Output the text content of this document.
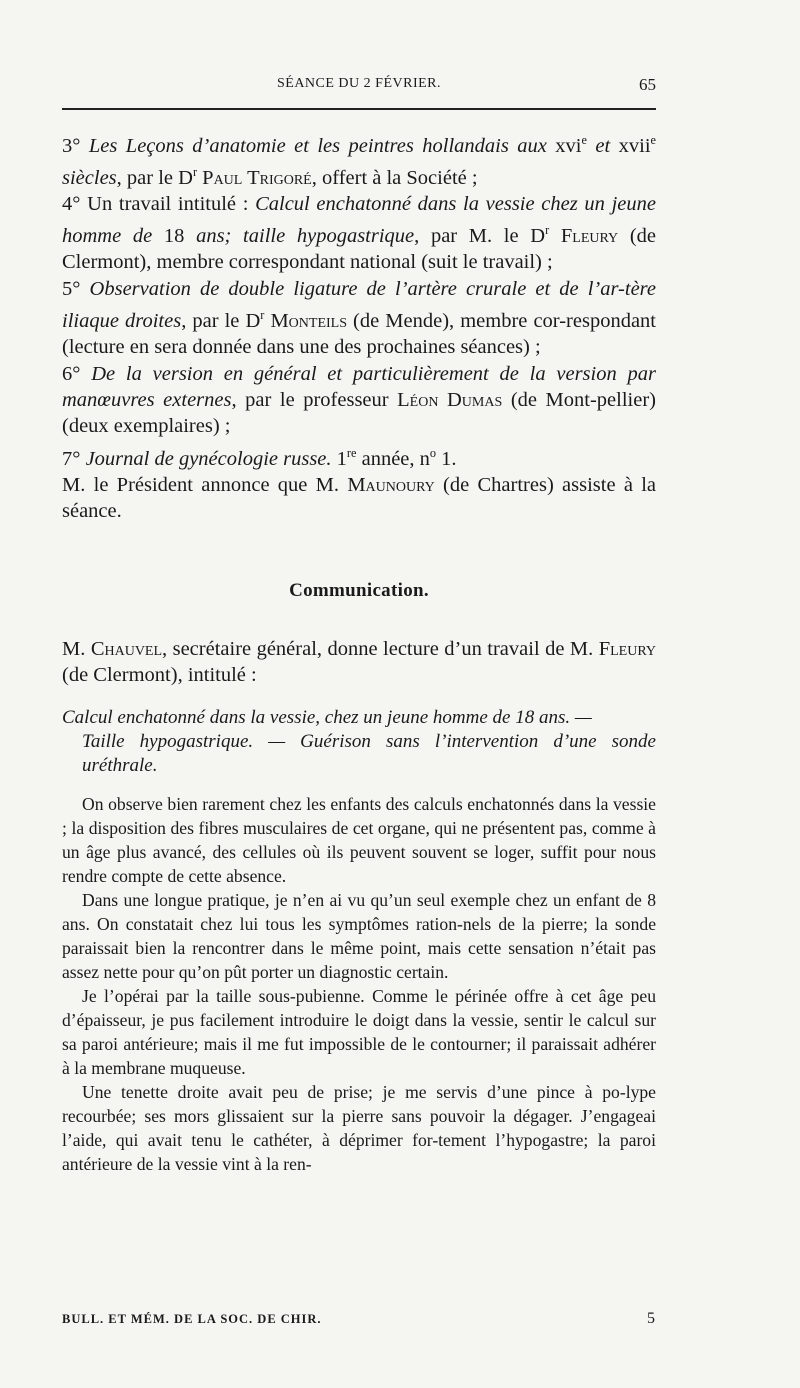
SÉANCE DU 2 FÉVRIER.	65

3° Les Leçons d’anatomie et les peintres hollandais aux xvi$^e$ et xvii$^e$ siècles, par le $D^r$ Paul Trigoré, offert à la Société ;

4° Un travail intitulé : Calcul enchatonné dans la vessie chez un jeune homme de 18 ans; taille hypogastrique, par M. le $D^r$ Fleury (de Clermont), membre correspondant national (suit le travail) ;

5° Observation de double ligature de l’artère crurale et de l’ar-tère iliaque droites, par le $D^r$ Monteils (de Mende), membre cor-respondant (lecture en sera donnée dans une des prochaines séances) ;

6° De la version en général et particulièrement de la version par manœuvres externes, par le professeur Léon Dumas (de Mont-pellier) (deux exemplaires) ;

7° Journal de gynécologie russe. 1re année, $n^o$ 1.

M. le Président annonce que M. Maunoury (de Chartres) assiste à la séance.

Communication.

M. Chauvel, secrétaire général, donne lecture d’un travail de M. Fleury (de Clermont), intitulé :

Calcul enchatonné dans la vessie, chez un jeune homme de 18 ans. —
Taille hypogastrique. — Guérison sans l’intervention d’une sonde uréthrale.

On observe bien rarement chez les enfants des calculs enchatonnés dans la vessie ; la disposition des fibres musculaires de cet organe, qui ne présentent pas, comme à un âge plus avancé, des cellules où ils peuvent souvent se loger, suffit pour nous rendre compte de cette absence.

Dans une longue pratique, je n’en ai vu qu’un seul exemple chez un enfant de 8 ans. On constatait chez lui tous les symptômes ration-nels de la pierre; la sonde paraissait bien la rencontrer dans le même point, mais cette sensation n’était pas assez nette pour qu’on pût porter un diagnostic certain.

Je l’opérai par la taille sous-pubienne. Comme le périnée offre à cet âge peu d’épaisseur, je pus facilement introduire le doigt dans la vessie, sentir le calcul sur sa paroi antérieure; mais il me fut impossible de le contourner; il paraissait adhérer à la membrane muqueuse.

Une tenette droite avait peu de prise; je me servis d’une pince à po-lype recourbée; ses mors glissaient sur la pierre sans pouvoir la dégager. J’engageai l’aide, qui avait tenu le cathéter, à déprimer for-tement l’hypogastre; la paroi antérieure de la vessie vint à la ren-

BULL. ET MÉM. DE LA SOC. DE CHIR.	5
